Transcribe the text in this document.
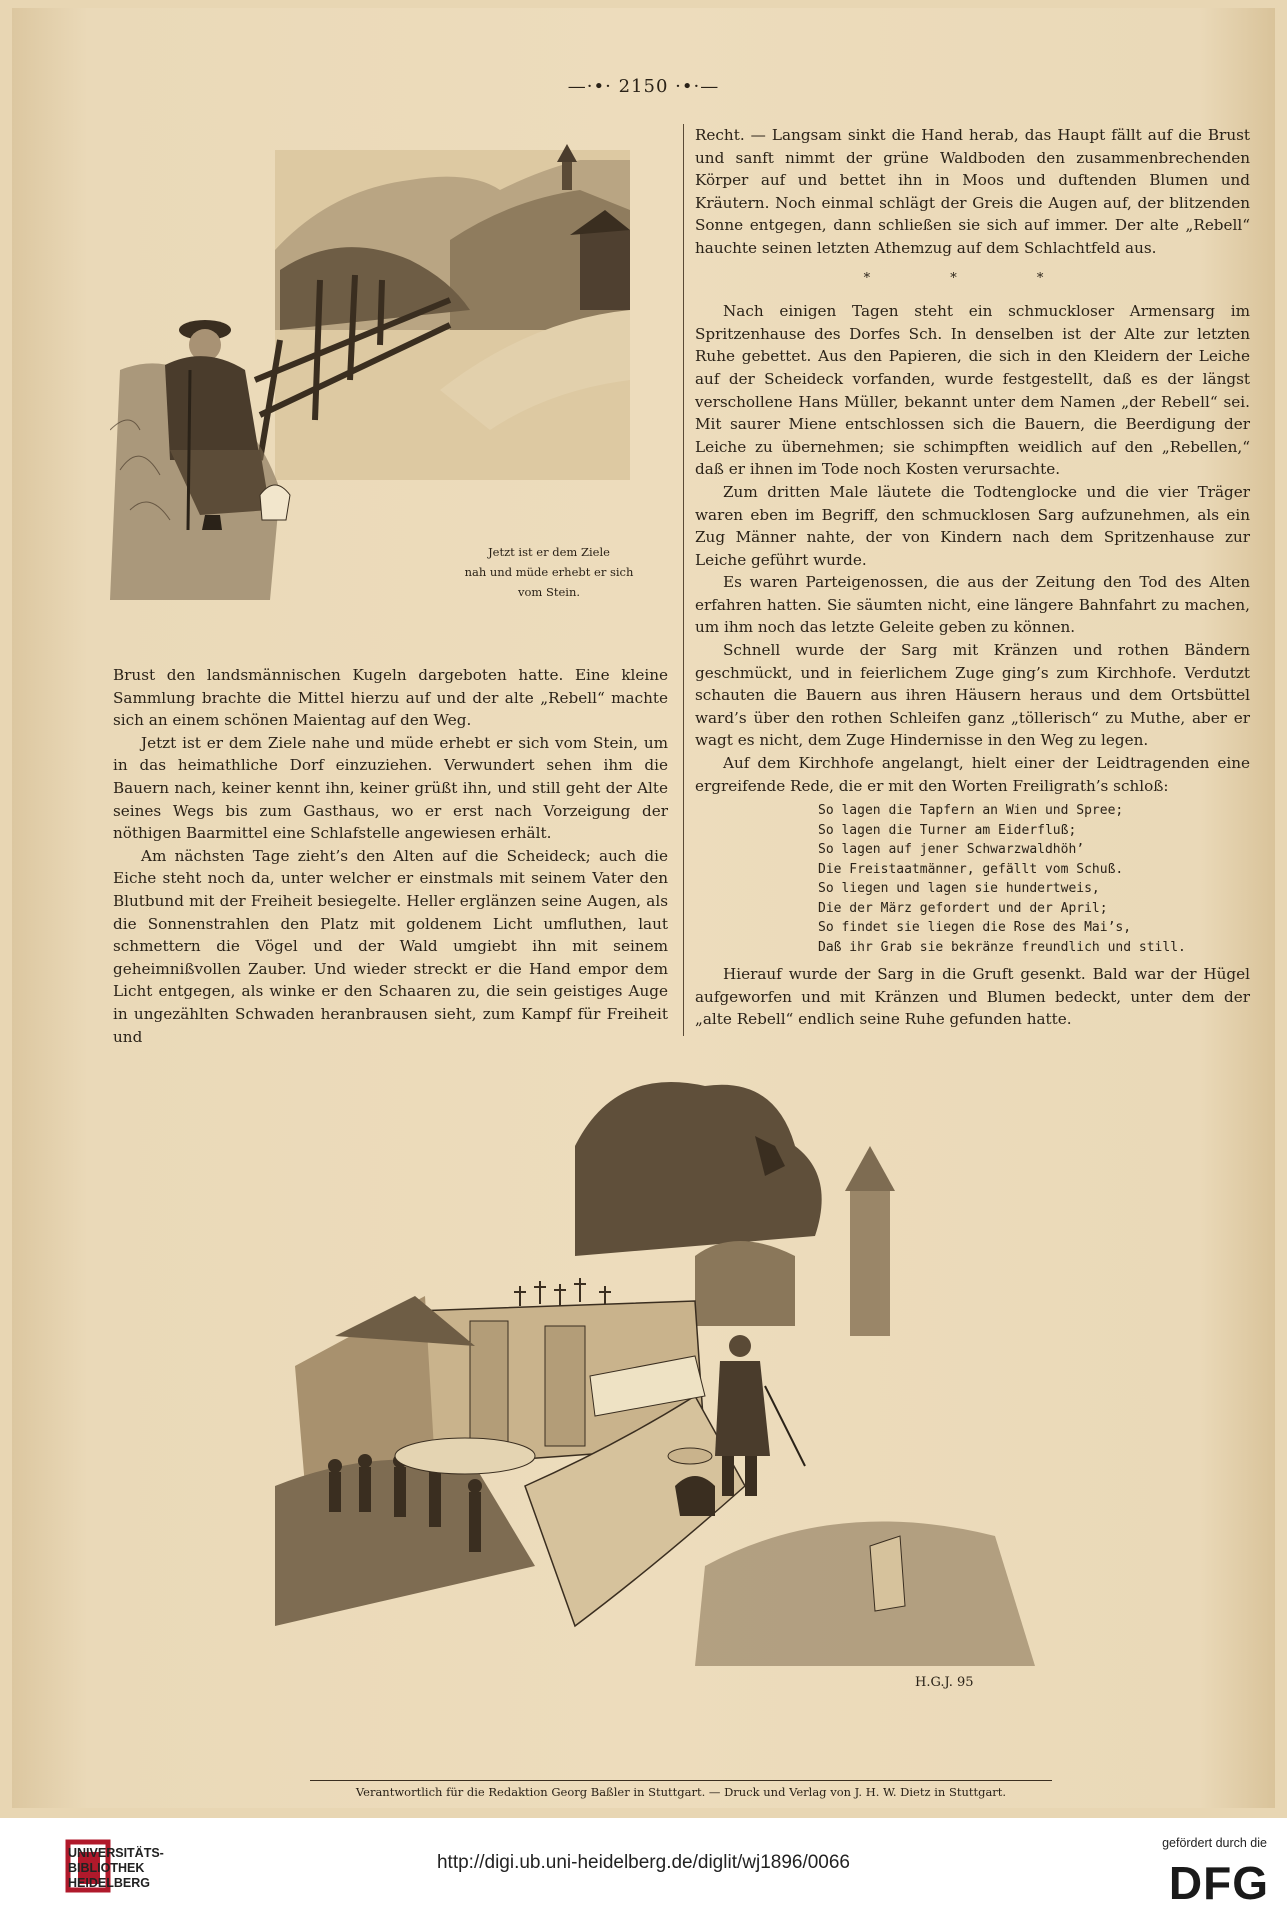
—·•· 2150 ·•·—
Jetzt ist er dem Ziele
nah und müde erhebt er sich
vom Stein.

Brust den landsmännischen Kugeln dargeboten hatte. Eine kleine Sammlung brachte die Mittel hierzu auf und der alte „Rebell“ machte sich an einem schönen Maientag auf den Weg.

Jetzt ist er dem Ziele nahe und müde erhebt er sich vom Stein, um in das heimathliche Dorf einzuziehen. Verwundert sehen ihm die Bauern nach, keiner kennt ihn, keiner grüßt ihn, und still geht der Alte seines Wegs bis zum Gasthaus, wo er erst nach Vorzeigung der nöthigen Baarmittel eine Schlafstelle angewiesen erhält.

Am nächsten Tage zieht’s den Alten auf die Scheideck; auch die Eiche steht noch da, unter welcher er einstmals mit seinem Vater den Blutbund mit der Freiheit besiegelte. Heller erglänzen seine Augen, als die Sonnenstrahlen den Platz mit goldenem Licht umfluthen, laut schmettern die Vögel und der Wald umgiebt ihn mit seinem geheimnißvollen Zauber. Und wieder streckt er die Hand empor dem Licht entgegen, als winke er den Schaaren zu, die sein geistiges Auge in ungezählten Schwaden heranbrausen sieht, zum Kampf für Freiheit und

Recht. — Langsam sinkt die Hand herab, das Haupt fällt auf die Brust und sanft nimmt der grüne Waldboden den zusammenbrechenden Körper auf und bettet ihn in Moos und duftenden Blumen und Kräutern. Noch einmal schlägt der Greis die Augen auf, der blitzenden Sonne entgegen, dann schließen sie sich auf immer. Der alte „Rebell“ hauchte seinen letzten Athemzug auf dem Schlachtfeld aus.

* * *

Nach einigen Tagen steht ein schmuckloser Armensarg im Spritzenhause des Dorfes Sch. In denselben ist der Alte zur letzten Ruhe gebettet. Aus den Papieren, die sich in den Kleidern der Leiche auf der Scheideck vorfanden, wurde festgestellt, daß es der längst verschollene Hans Müller, bekannt unter dem Namen „der Rebell“ sei. Mit saurer Miene entschlossen sich die Bauern, die Beerdigung der Leiche zu übernehmen; sie schimpften weidlich auf den „Rebellen,“ daß er ihnen im Tode noch Kosten verursachte.

Zum dritten Male läutete die Todtenglocke und die vier Träger waren eben im Begriff, den schmucklosen Sarg aufzunehmen, als ein Zug Männer nahte, der von Kindern nach dem Spritzenhause zur Leiche geführt wurde.

Es waren Parteigenossen, die aus der Zeitung den Tod des Alten erfahren hatten. Sie säumten nicht, eine längere Bahnfahrt zu machen, um ihm noch das letzte Geleite geben zu können.

Schnell wurde der Sarg mit Kränzen und rothen Bändern geschmückt, und in feierlichem Zuge ging’s zum Kirchhofe. Verdutzt schauten die Bauern aus ihren Häusern heraus und dem Ortsbüttel ward’s über den rothen Schleifen ganz „töllerisch“ zu Muthe, aber er wagt es nicht, dem Zuge Hindernisse in den Weg zu legen.

Auf dem Kirchhofe angelangt, hielt einer der Leidtragenden eine ergreifende Rede, die er mit den Worten Freiligrath’s schloß:

So lagen die Tapfern an Wien und Spree;
So lagen die Turner am Eiderfluß;
So lagen auf jener Schwarzwaldhöh’
Die Freistaatmänner, gefällt vom Schuß.
So liegen und lagen sie hundertweis,
Die der März gefordert und der April;
So findet sie liegen die Rose des Mai’s,
Daß ihr Grab sie bekränze freundlich und still.

Hierauf wurde der Sarg in die Gruft gesenkt. Bald war der Hügel aufgeworfen und mit Kränzen und Blumen bedeckt, unter dem der „alte Rebell“ endlich seine Ruhe gefunden hatte.

H.G.J. 95
Verantwortlich für die Redaktion Georg Baßler in Stuttgart. — Druck und Verlag von J. H. W. Dietz in Stuttgart.
UNIVERSITÄTS-
BIBLIOTHEK
HEIDELBERG
http://digi.ub.uni-heidelberg.de/diglit/wj1896/0066
gefördert durch die
DFG
